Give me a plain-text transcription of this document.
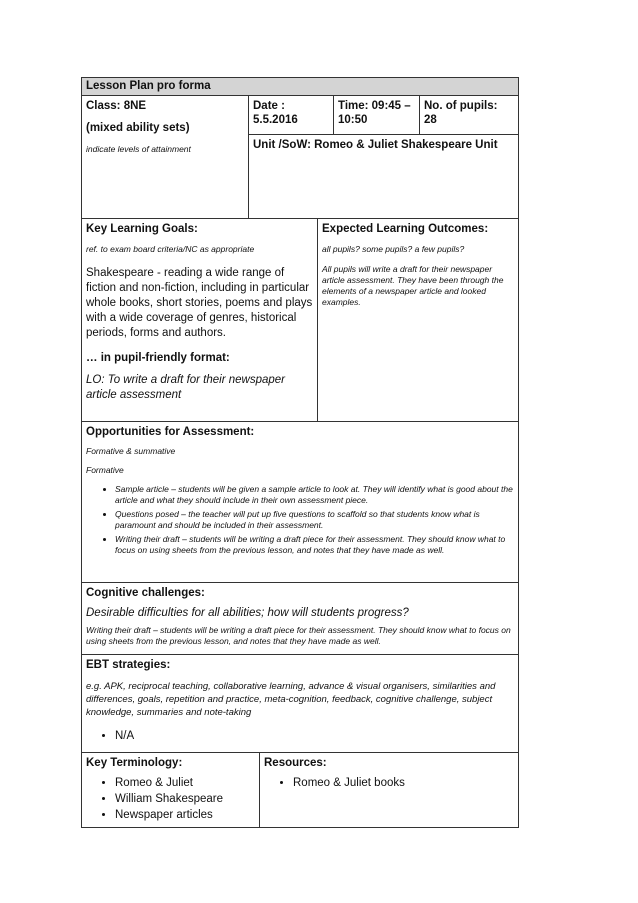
Lesson Plan pro forma
Class: 8NE
(mixed ability sets)
indicate levels of attainment
Date :
5.5.2016
Time: 09:45 –
10:50
No. of pupils:
28
Unit /SoW: Romeo & Juliet Shakespeare Unit
Key Learning Goals:
ref. to exam board criteria/NC as appropriate
Shakespeare - reading a wide range of fiction and non-fiction, including in particular whole books, short stories, poems and plays with a wide coverage of genres, historical periods, forms and authors.
… in pupil-friendly format:
LO: To write a draft for their newspaper article assessment
Expected Learning Outcomes:
all pupils? some pupils? a few pupils?
All pupils will write a draft for their newspaper article assessment. They have been through the elements of a newspaper article and looked examples.
Opportunities for Assessment:
Formative & summative
Formative
• Sample article – students will be given a sample article to look at. They will identify what is good about the article and what they should include in their own assessment piece.
• Questions posed – the teacher will put up five questions to scaffold so that students know what is paramount and should be included in their assessment.
• Writing their draft – students will be writing a draft piece for their assessment. They should know what to focus on using sheets from the previous lesson, and notes that they have made as well.
Cognitive challenges:
Desirable difficulties for all abilities; how will students progress?
Writing their draft – students will be writing a draft piece for their assessment. They should know what to focus on using sheets from the previous lesson, and notes that they have made as well.
EBT strategies:
e.g. APK, reciprocal teaching, collaborative learning, advance & visual organisers, similarities and differences, goals, repetition and practice, meta-cognition, feedback, cognitive challenge, subject knowledge, summaries and note-taking
• N/A
Key Terminology:
• Romeo & Juliet
• William Shakespeare
• Newspaper articles
Resources:
• Romeo & Juliet books
